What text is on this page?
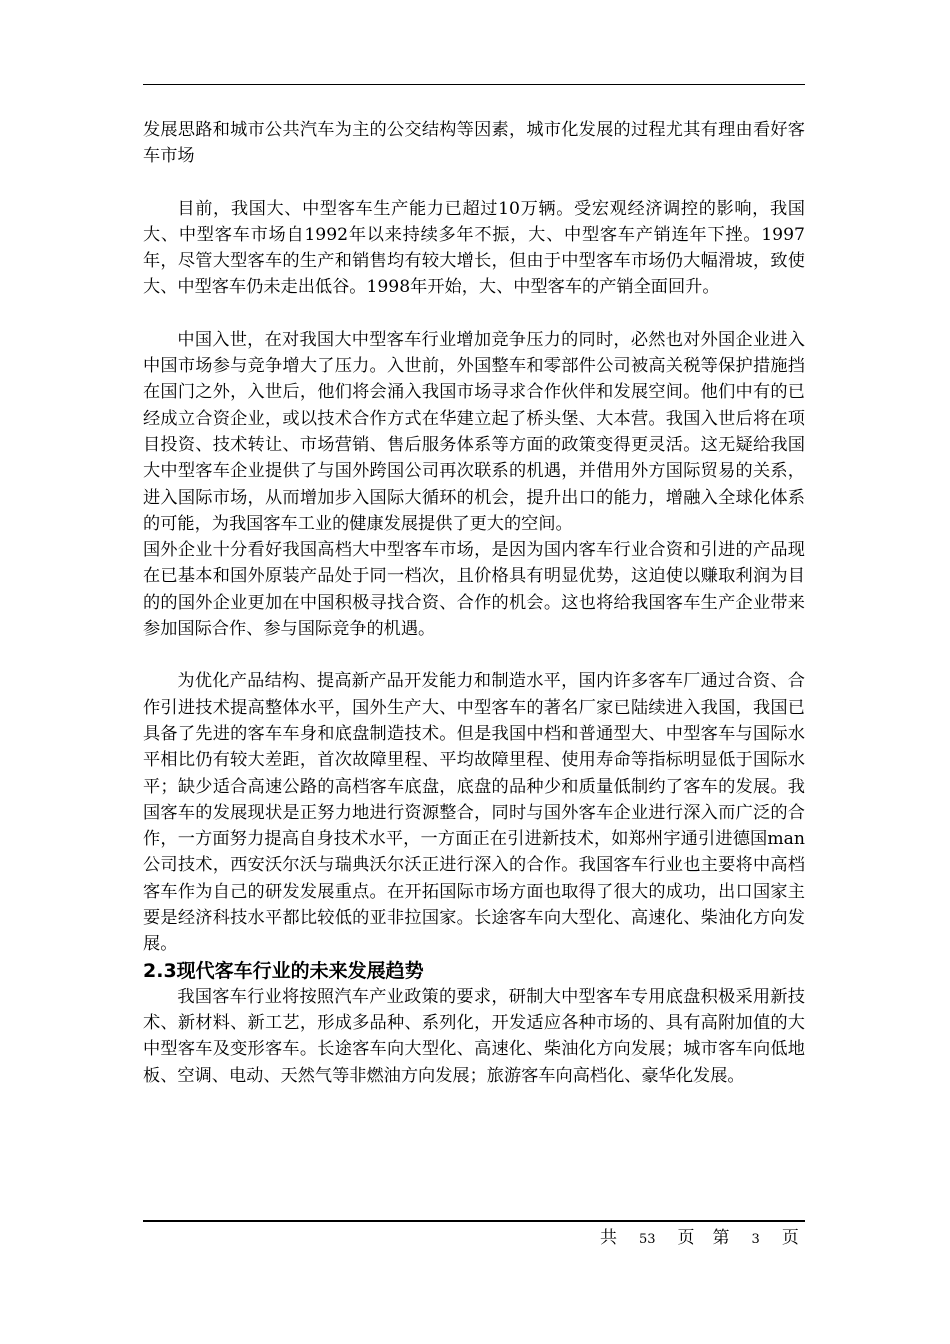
发展思路和城市公共汽车为主的公交结构等因素，城市化发展的过程尤其有理由看好客车市场

目前，我国大、中型客车生产能力已超过10万辆。受宏观经济调控的影响，我国大、中型客车市场自1992年以来持续多年不振，大、中型客车产销连年下挫。1997年，尽管大型客车的生产和销售均有较大增长，但由于中型客车市场仍大幅滑坡，致使大、中型客车仍未走出低谷。1998年开始，大、中型客车的产销全面回升。

中国入世，在对我国大中型客车行业增加竞争压力的同时，必然也对外国企业进入中国市场参与竞争增大了压力。入世前，外国整车和零部件公司被高关税等保护措施挡在国门之外，入世后，他们将会涌入我国市场寻求合作伙伴和发展空间。他们中有的已经成立合资企业，或以技术合作方式在华建立起了桥头堡、大本营。我国入世后将在项目投资、技术转让、市场营销、售后服务体系等方面的政策变得更灵活。这无疑给我国大中型客车企业提供了与国外跨国公司再次联系的机遇，并借用外方国际贸易的关系，进入国际市场，从而增加步入国际大循环的机会，提升出口的能力，增融入全球化体系的可能，为我国客车工业的健康发展提供了更大的空间。

国外企业十分看好我国高档大中型客车市场，是因为国内客车行业合资和引进的产品现在已基本和国外原装产品处于同一档次，且价格具有明显优势，这迫使以赚取利润为目的的国外企业更加在中国积极寻找合资、合作的机会。这也将给我国客车生产企业带来参加国际合作、参与国际竞争的机遇。

为优化产品结构、提高新产品开发能力和制造水平，国内许多客车厂通过合资、合作引进技术提高整体水平，国外生产大、中型客车的著名厂家已陆续进入我国，我国已具备了先进的客车车身和底盘制造技术。但是我国中档和普通型大、中型客车与国际水平相比仍有较大差距，首次故障里程、平均故障里程、使用寿命等指标明显低于国际水平；缺少适合高速公路的高档客车底盘，底盘的品种少和质量低制约了客车的发展。我国客车的发展现状是正努力地进行资源整合，同时与国外客车企业进行深入而广泛的合作，一方面努力提高自身技术水平，一方面正在引进新技术，如郑州宇通引进德国man公司技术，西安沃尔沃与瑞典沃尔沃正进行深入的合作。我国客车行业也主要将中高档客车作为自己的研发发展重点。在开拓国际市场方面也取得了很大的成功，出口国家主要是经济科技水平都比较低的亚非拉国家。长途客车向大型化、高速化、柴油化方向发展。

2.3现代客车行业的未来发展趋势

我国客车行业将按照汽车产业政策的要求，研制大中型客车专用底盘积极采用新技术、新材料、新工艺，形成多品种、系列化，开发适应各种市场的、具有高附加值的大中型客车及变形客车。长途客车向大型化、高速化、柴油化方向发展；城市客车向低地板、空调、电动、天然气等非燃油方向发展；旅游客车向高档化、豪华化发展。

共 53 页 第 3 页
